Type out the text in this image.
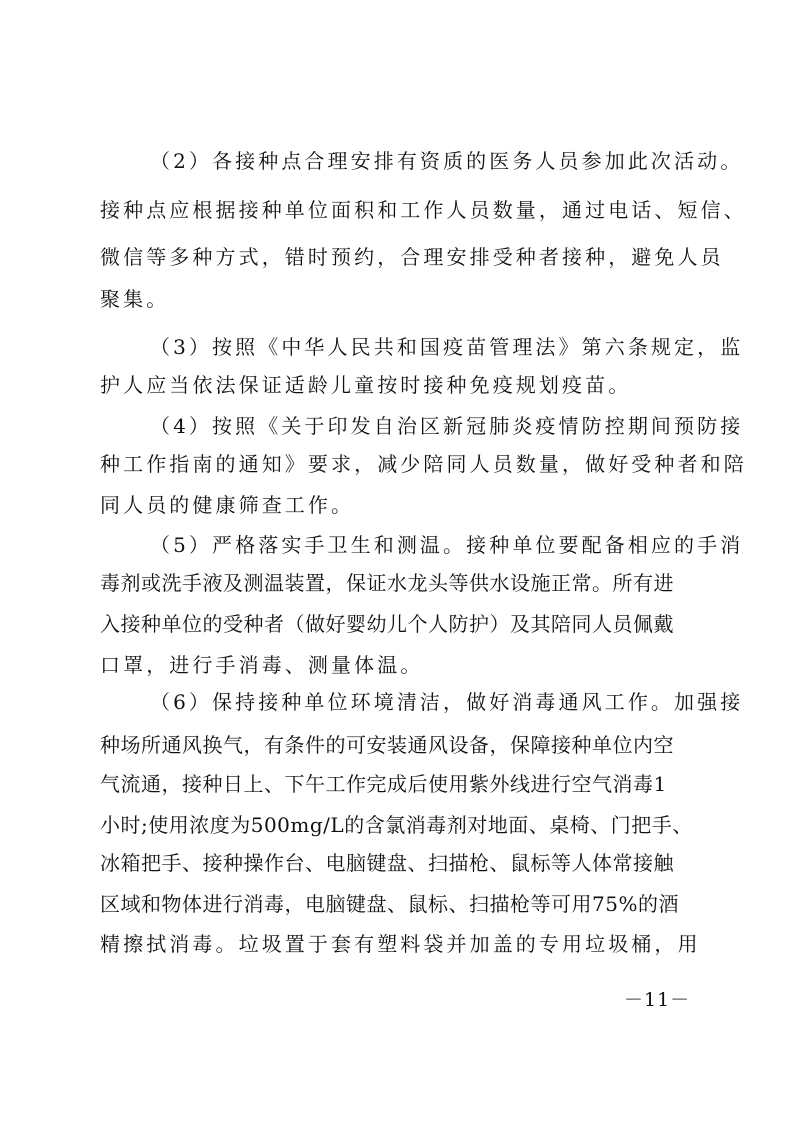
（2）各接种点合理安排有资质的医务人员参加此次活动。
接种点应根据接种单位面积和工作人员数量，通过电话、短信、
微信等多种方式，错时预约，合理安排受种者接种，避免人员
聚集。
（3）按照《中华人民共和国疫苗管理法》第六条规定，监
护人应当依法保证适龄儿童按时接种免疫规划疫苗。
（4）按照《关于印发自治区新冠肺炎疫情防控期间预防接
种工作指南的通知》要求，减少陪同人员数量，做好受种者和陪
同人员的健康筛查工作。
（5）严格落实手卫生和测温。接种单位要配备相应的手消
毒剂或洗手液及测温装置，保证水龙头等供水设施正常。所有进
入接种单位的受种者（做好婴幼儿个人防护）及其陪同人员佩戴
口罩，进行手消毒、测量体温。
（6）保持接种单位环境清洁，做好消毒通风工作。加强接
种场所通风换气，有条件的可安装通风设备，保障接种单位内空
气流通，接种日上、下午工作完成后使用紫外线进行空气消毒1
小时;使用浓度为500mg/L的含氯消毒剂对地面、桌椅、门把手、
冰箱把手、接种操作台、电脑键盘、扫描枪、鼠标等人体常接触
区域和物体进行消毒，电脑键盘、鼠标、扫描枪等可用75%的酒
精擦拭消毒。垃圾置于套有塑料袋并加盖的专用垃圾桶，用
－11－
